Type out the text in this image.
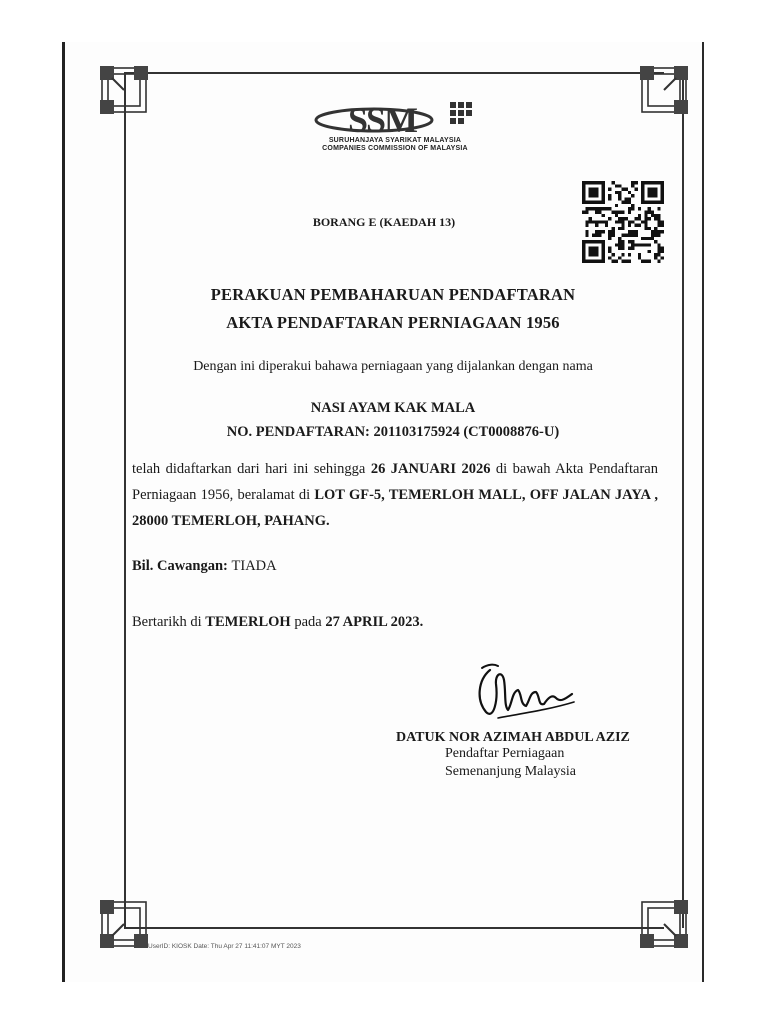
SSM
SURUHANJAYA SYARIKAT MALAYSIA
COMPANIES COMMISSION OF MALAYSIA
BORANG E (KAEDAH 13)
PERAKUAN PEMBAHARUAN PENDAFTARAN
AKTA PENDAFTARAN PERNIAGAAN 1956
Dengan ini diperakui bahawa perniagaan yang dijalankan dengan nama
NASI AYAM KAK MALA
NO. PENDAFTARAN: 201103175924 (CT0008876-U)
telah didaftarkan dari hari ini sehingga 26 JANUARI 2026 di bawah Akta Pendaftaran Perniagaan 1956, beralamat di LOT GF-5, TEMERLOH MALL, OFF JALAN JAYA , 28000 TEMERLOH, PAHANG.
Bil. Cawangan: TIADA
Bertarikh di TEMERLOH pada 27 APRIL 2023.
DATUK NOR AZIMAH ABDUL AZIZ
Pendaftar Perniagaan
Semenanjung Malaysia
UserID: KIOSK Date: Thu Apr 27 11:41:07 MYT 2023
